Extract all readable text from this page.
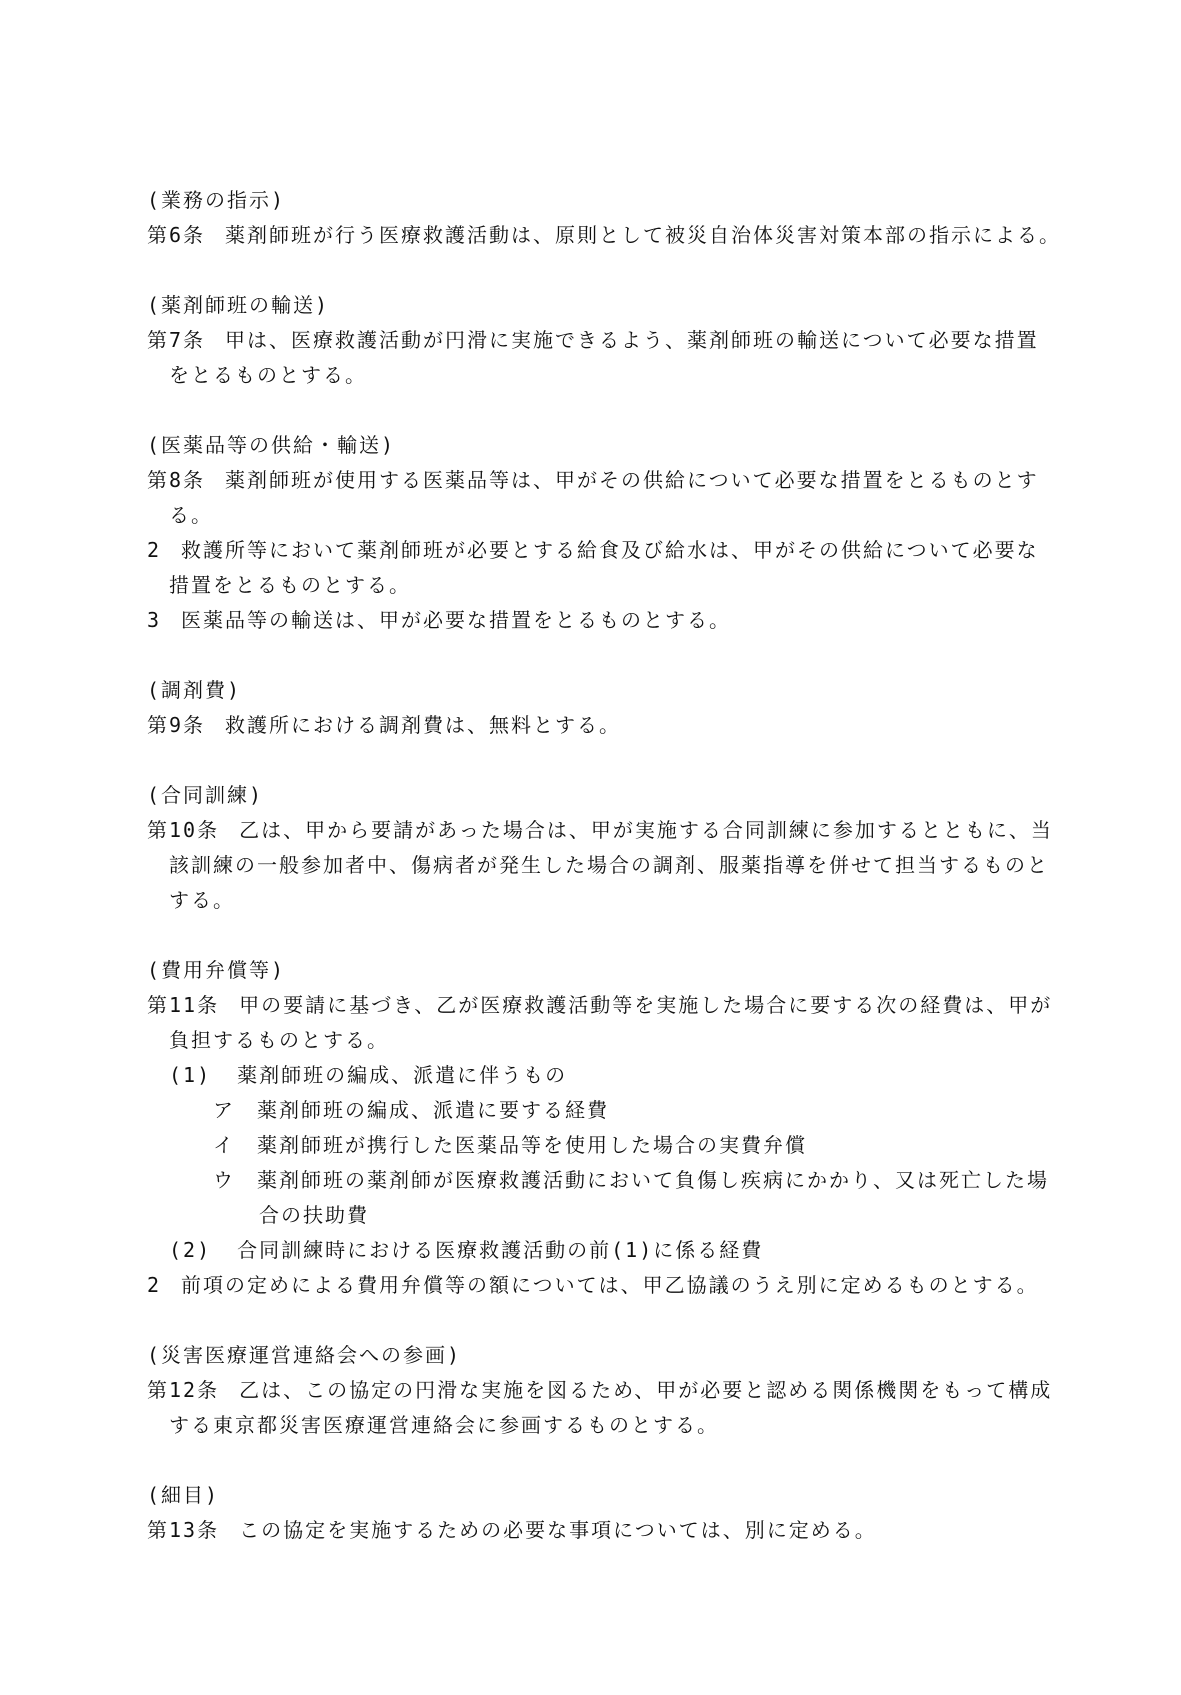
(業務の指示)
第6条 薬剤師班が行う医療救護活動は、原則として被災自治体災害対策本部の指示による。
(薬剤師班の輸送)
第7条 甲は、医療救護活動が円滑に実施できるよう、薬剤師班の輸送について必要な措置
をとるものとする。
(医薬品等の供給・輸送)
第8条 薬剤師班が使用する医薬品等は、甲がその供給について必要な措置をとるものとす
る。
2 救護所等において薬剤師班が必要とする給食及び給水は、甲がその供給について必要な
措置をとるものとする。
3 医薬品等の輸送は、甲が必要な措置をとるものとする。
(調剤費)
第9条 救護所における調剤費は、無料とする。
(合同訓練)
第10条 乙は、甲から要請があった場合は、甲が実施する合同訓練に参加するとともに、当
該訓練の一般参加者中、傷病者が発生した場合の調剤、服薬指導を併せて担当するものと
する。
(費用弁償等)
第11条 甲の要請に基づき、乙が医療救護活動等を実施した場合に要する次の経費は、甲が
負担するものとする。
(1) 薬剤師班の編成、派遣に伴うもの
ア 薬剤師班の編成、派遣に要する経費
イ 薬剤師班が携行した医薬品等を使用した場合の実費弁償
ウ 薬剤師班の薬剤師が医療救護活動において負傷し疾病にかかり、又は死亡した場
合の扶助費
(2) 合同訓練時における医療救護活動の前(1)に係る経費
2 前項の定めによる費用弁償等の額については、甲乙協議のうえ別に定めるものとする。
(災害医療運営連絡会への参画)
第12条 乙は、この協定の円滑な実施を図るため、甲が必要と認める関係機関をもって構成
する東京都災害医療運営連絡会に参画するものとする。
(細目)
第13条 この協定を実施するための必要な事項については、別に定める。
